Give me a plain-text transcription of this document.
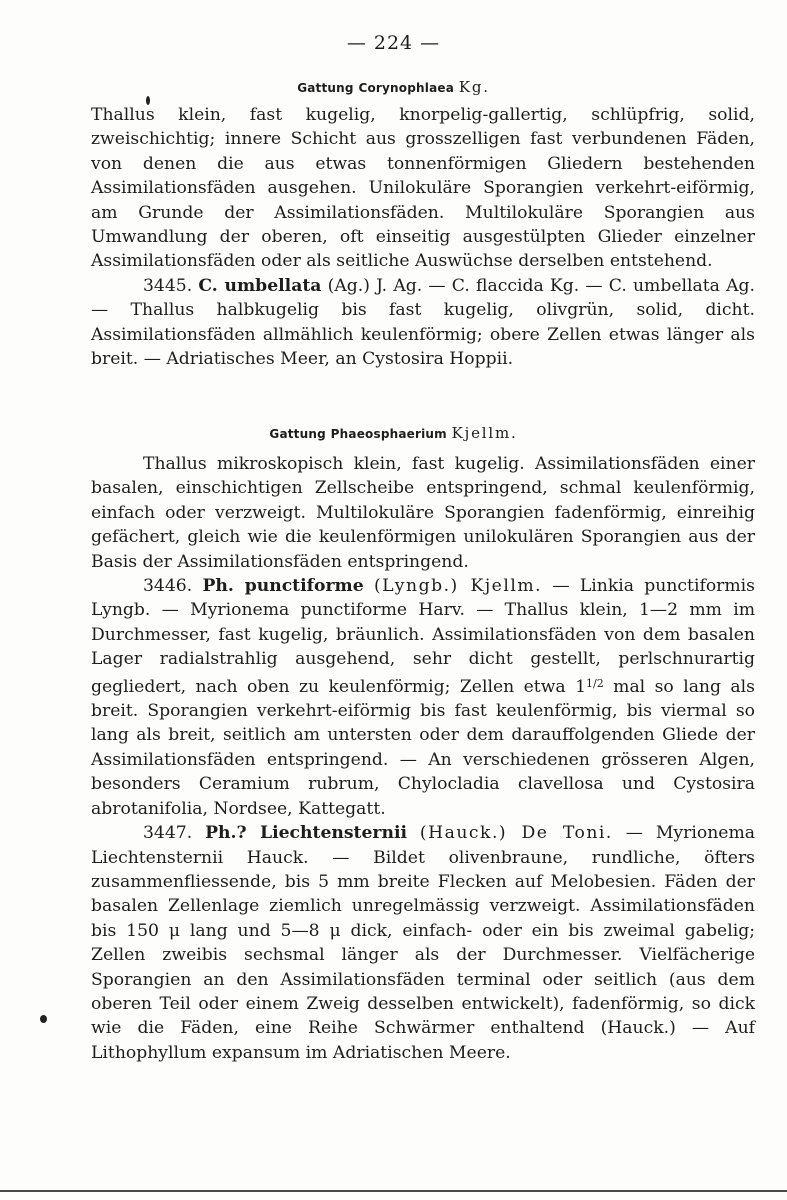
— 224 —
Gattung Corynophlaea Kg.

Thallus klein, fast kugelig, knorpelig-gallertig, schlüpfrig, solid, zweischichtig; innere Schicht aus grosszelligen fast verbundenen Fäden, von denen die aus etwas tonnenförmigen Gliedern bestehenden Assimilationsfäden ausgehen. Unilokuläre Sporangien verkehrt-eiförmig, am Grunde der Assimilationsfäden. Multilokuläre Sporangien aus Umwandlung der oberen, oft einseitig ausgestülpten Glieder einzelner Assimilationsfäden oder als seitliche Auswüchse derselben entstehend.

3445. C. umbellata (Ag.) J. Ag. — C. flaccida Kg. — C. umbellata Ag. — Thallus halbkugelig bis fast kugelig, olivgrün, solid, dicht. Assimilationsfäden allmählich keulenförmig; obere Zellen etwas länger als breit. — Adriatisches Meer, an Cystosira Hoppii.

Gattung Phaeosphaerium Kjellm.

Thallus mikroskopisch klein, fast kugelig. Assimilationsfäden einer basalen, einschichtigen Zellscheibe entspringend, schmal keulenförmig, einfach oder verzweigt. Multilokuläre Sporangien fadenförmig, einreihig gefächert, gleich wie die keulenförmigen unilokulären Sporangien aus der Basis der Assimilationsfäden entspringend.

3446. Ph. punctiforme (Lyngb.) Kjellm. — Linkia punctiformis Lyngb. — Myrionema punctiforme Harv. — Thallus klein, 1—2 mm im Durchmesser, fast kugelig, bräunlich. Assimilationsfäden von dem basalen Lager radialstrahlig ausgehend, sehr dicht gestellt, perlschnurartig gegliedert, nach oben zu keulenförmig; Zellen etwa $1^{1/2}$ mal so lang als breit. Sporangien verkehrt-eiförmig bis fast keulenförmig, bis viermal so lang als breit, seitlich am untersten oder dem darauffolgenden Gliede der Assimilationsfäden entspringend. — An verschiedenen grösseren Algen, besonders Ceramium rubrum, Chylocladia clavellosa und Cystosira abrotanifolia, Nordsee, Kattegatt.

3447. Ph.? Liechtensternii (Hauck.) De Toni. — Myrionema Liechtensternii Hauck. — Bildet olivenbraune, rundliche, öfters zusammenfliessende, bis 5 mm breite Flecken auf Melobesien. Fäden der basalen Zellenlage ziemlich unregelmässig verzweigt. Assimilationsfäden bis 150 μ lang und 5—8 μ dick, einfach- oder ein bis zweimal gabelig; Zellen zweibis sechsmal länger als der Durchmesser. Vielfächerige Sporangien an den Assimilationsfäden terminal oder seitlich (aus dem oberen Teil oder einem Zweig desselben entwickelt), fadenförmig, so dick wie die Fäden, eine Reihe Schwärmer enthaltend (Hauck.) — Auf Lithophyllum expansum im Adriatischen Meere.
